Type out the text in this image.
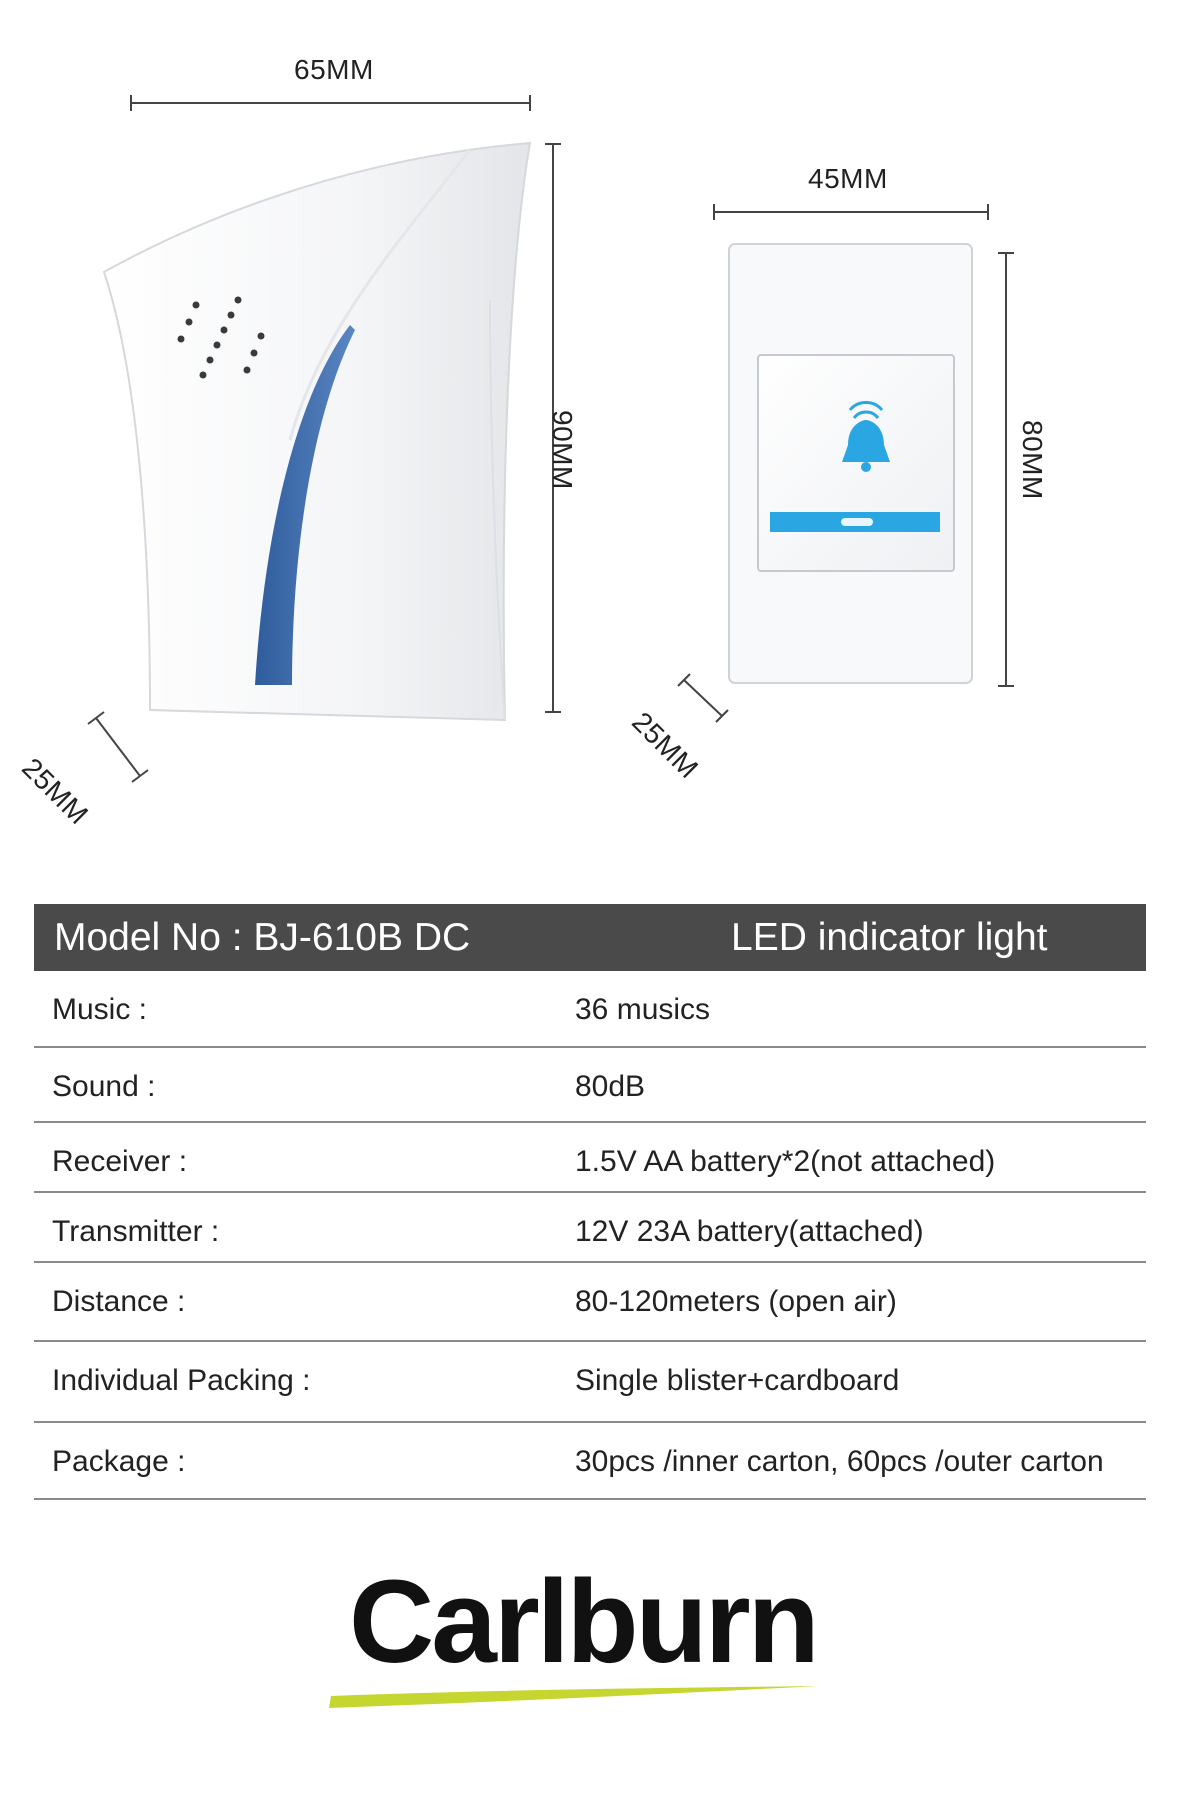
65MM
90MM
25MM
45MM
80MM
25MM
Model No : BJ-610B DC	LED indicator light
Music :	36 musics
Sound :	80dB
Receiver :	1.5V AA battery*2(not attached)
Transmitter :	12V 23A battery(attached)
Distance :	80-120meters (open air)
Individual Packing :	Single blister+cardboard
Package :	30pcs /inner carton, 60pcs /outer carton
Carlburn
